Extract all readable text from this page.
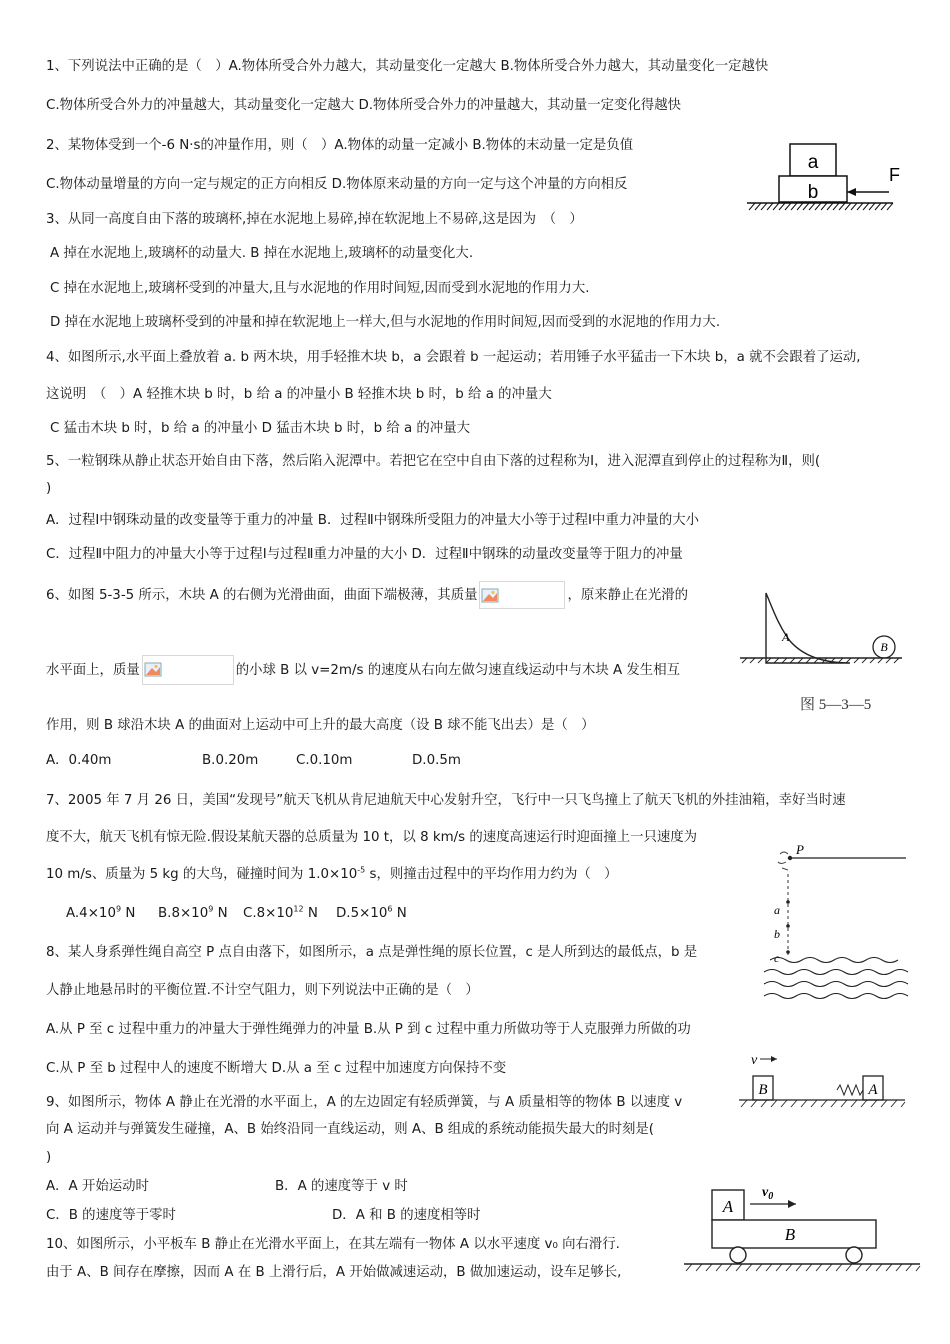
1、下列说法中正确的是（　）A.物体所受合外力越大，其动量变化一定越大 B.物体所受合外力越大，其动量变化一定越快
C.物体所受合外力的冲量越大，其动量变化一定越大 D.物体所受合外力的冲量越大，其动量一定变化得越快
2、某物体受到一个-6 N·s的冲量作用，则（　）A.物体的动量一定减小 B.物体的末动量一定是负值
C.物体动量增量的方向一定与规定的正方向相反 D.物体原来动量的方向一定与这个冲量的方向相反
a
b
F
3、从同一高度自由下落的玻璃杯,掉在水泥地上易碎,掉在软泥地上不易碎,这是因为　（　）
A 掉在水泥地上,玻璃杯的动量大. B 掉在水泥地上,玻璃杯的动量变化大.
C 掉在水泥地上,玻璃杯受到的冲量大,且与水泥地的作用时间短,因而受到水泥地的作用力大.
D 掉在水泥地上玻璃杯受到的冲量和掉在软泥地上一样大,但与水泥地的作用时间短,因而受到的水泥地的作用力大.
4、如图所示,水平面上叠放着 a. b 两木块，用手轻推木块 b，a 会跟着 b 一起运动；若用锤子水平猛击一下木块 b，a 就不会跟着了运动,
这说明　（　）A 轻推木块 b 时，b 给 a 的冲量小 B 轻推木块 b 时，b 给 a 的冲量大
C 猛击木块 b 时，b 给 a 的冲量小 D 猛击木块 b 时，b 给 a 的冲量大
5、一粒钢珠从静止状态开始自由下落，然后陷入泥潭中。若把它在空中自由下落的过程称为Ⅰ，进入泥潭直到停止的过程称为Ⅱ，则(
)
A．过程Ⅰ中钢珠动量的改变量等于重力的冲量 B．过程Ⅱ中钢珠所受阻力的冲量大小等于过程Ⅰ中重力冲量的大小
C．过程Ⅱ中阻力的冲量大小等于过程Ⅰ与过程Ⅱ重力冲量的大小 D．过程Ⅱ中钢珠的动量改变量等于阻力的冲量
6、如图 5-3-5 所示，木块 A 的右侧为光滑曲面，曲面下端极薄，其质量	，原来静止在光滑的
水平面上，质量	的小球 B 以 v=2m/s 的速度从右向左做匀速直线运动中与木块 A 发生相互
作用，则 B 球沿木块 A 的曲面对上运动中可上升的最大高度（设 B 球不能飞出去）是（　）
A．0.40m	B.0.20m	C.0.10m	D.0.5m
A
B
图 5—3—5
7、2005 年 7 月 26 日，美国“发现号”航天飞机从肯尼迪航天中心发射升空，飞行中一只飞鸟撞上了航天飞机的外挂油箱，幸好当时速
度不大，航天飞机有惊无险.假设某航天器的总质量为 10 t，以 8 km/s 的速度高速运行时迎面撞上一只速度为
10 m/s、质量为 5 kg 的大鸟，碰撞时间为 $1.0\times 10^{-5}$ s，则撞击过程中的平均作用力约为（　）
$A.4\times 10^9$ N $B.8\times 10^9$ N $C.8\times 10^{12}$ N $D.5\times 10^6$ N
P
a
b
c
8、某人身系弹性绳自高空 P 点自由落下，如图所示，a 点是弹性绳的原长位置，c 是人所到达的最低点，b 是
人静止地悬吊时的平衡位置.不计空气阻力，则下列说法中正确的是（　）
A.从 P 至 c 过程中重力的冲量大于弹性绳弹力的冲量 B.从 P 到 c 过程中重力所做功等于人克服弹力所做的功
C.从 P 至 b 过程中人的速度不断增大 D.从 a 至 c 过程中加速度方向保持不变
v
B	A
9、如图所示，物体 A 静止在光滑的水平面上，A 的左边固定有轻质弹簧，与 A 质量相等的物体 B 以速度 v
向 A 运动并与弹簧发生碰撞，A、B 始终沿同一直线运动，则 A、B 组成的系统动能损失最大的时刻是(
)
A．A 开始运动时	B．A 的速度等于 v 时
C．B 的速度等于零时	D．A 和 B 的速度相等时	A
$v_0$
B
10、如图所示，小平板车 B 静止在光滑水平面上，在其左端有一物体 A 以水平速度 v₀ 向右滑行.
由于 A、B 间存在摩擦，因而 A 在 B 上滑行后，A 开始做减速运动，B 做加速运动，设车足够长,
